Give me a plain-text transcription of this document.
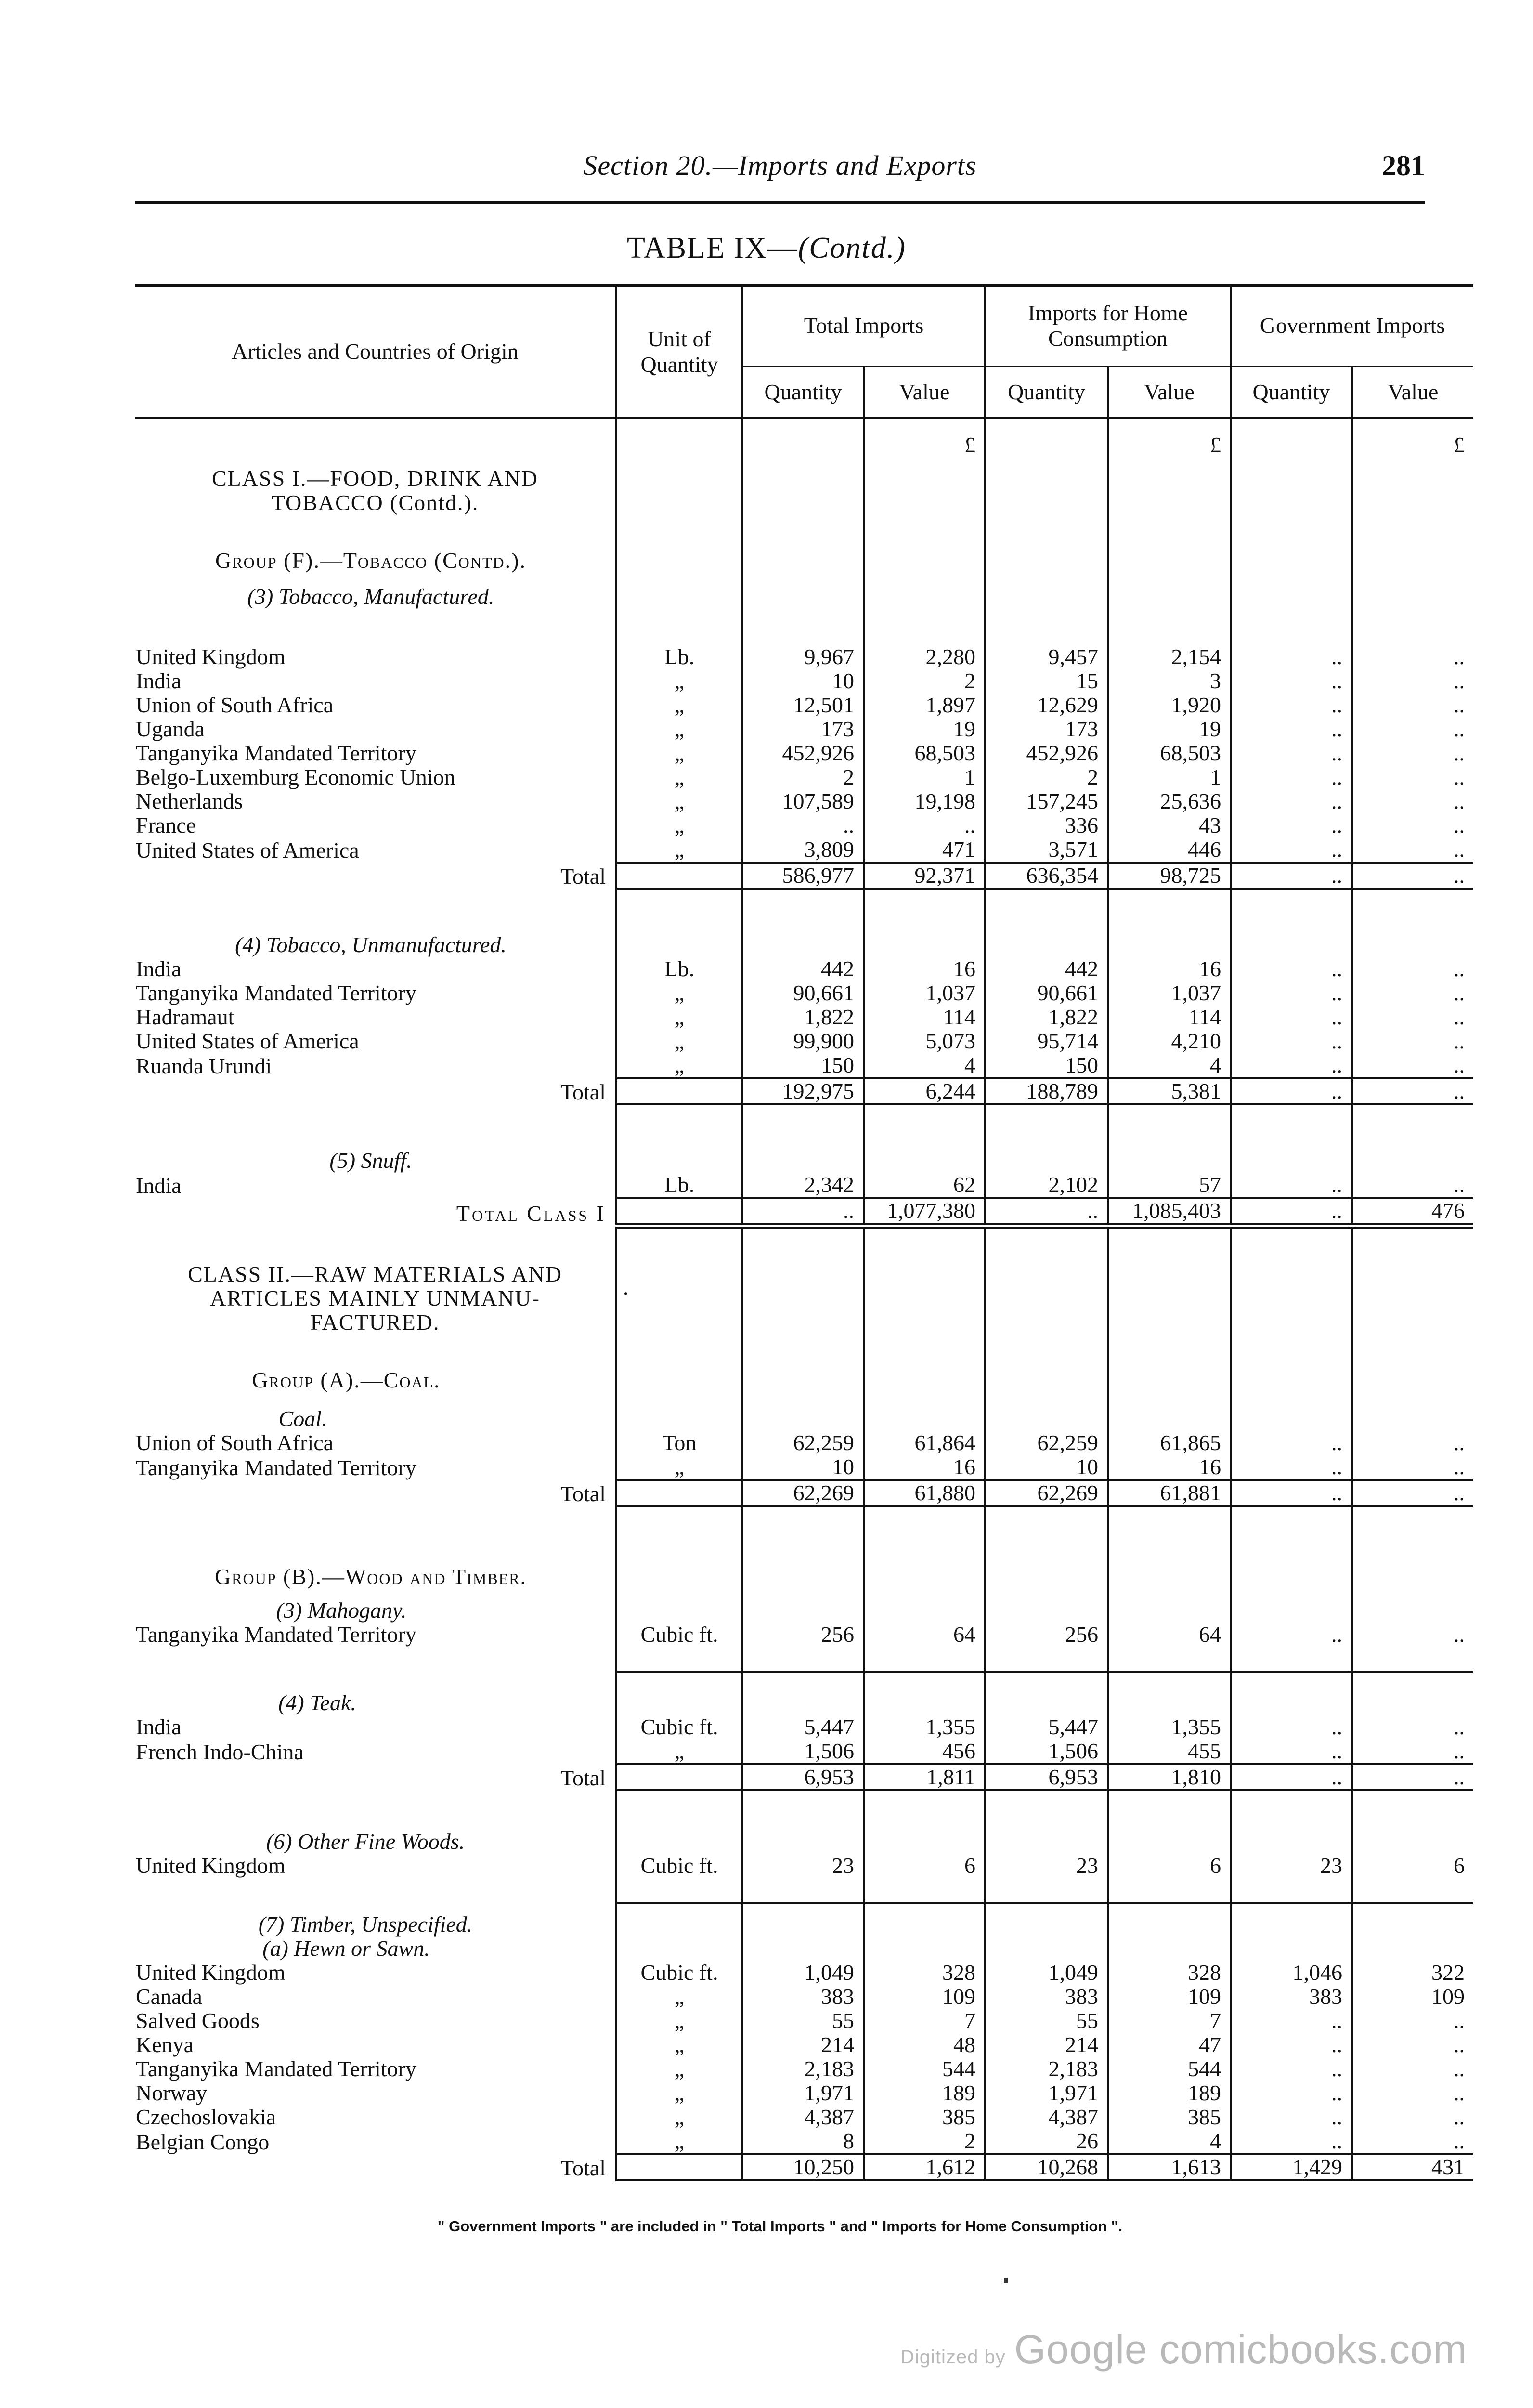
Section 20.—Imports and Exports	281
TABLE IX—(Contd.)
Articles and Countries of Origin	Unit of Quantity	Total Imports		Imports for Home Consumption		Government Imports	
		Quantity	Value	Quantity	Value	Quantity	Value
			£		£		£
CLASS I.—FOOD, DRINK AND TOBACCO (Contd.).							
Group (F).—Tobacco (Contd.).							
(3) Tobacco, Manufactured.							

United Kingdom	Lb.	9,967	2,280	9,457	2,154	..	..
India	„	10	2	15	3	..	..
Union of South Africa	„	12,501	1,897	12,629	1,920	..	..
Uganda	„	173	19	173	19	..	..
Tanganyika Mandated Territory	„	452,926	68,503	452,926	68,503	..	..
Belgo-Luxemburg Economic Union	„	2	1	2	1	..	..
Netherlands	„	107,589	19,198	157,245	25,636	..	..
France	„	..	..	336	43	..	..
United States of America	„	3,809	471	3,571	446	..	..
Total		586,977	92,371	636,354	98,725	..	..

(4) Tobacco, Unmanufactured.							
India	Lb.	442	16	442	16	..	..
Tanganyika Mandated Territory	„	90,661	1,037	90,661	1,037	..	..
Hadramaut	„	1,822	114	1,822	114	..	..
United States of America	„	99,900	5,073	95,714	4,210	..	..
Ruanda Urundi	„	150	4	150	4	..	..
Total		192,975	6,244	188,789	5,381	..	..

(5) Snuff.							
India	Lb.	2,342	62	2,102	57	..	..
Total Class I		..	1,077,380	..	1,085,403	..	476

CLASS II.—RAW MATERIALS AND ARTICLES MAINLY UNMANU-FACTURED.	·						
Group (A).—Coal.							
Coal.							
Union of South Africa	Ton	62,259	61,864	62,259	61,865	..	..
Tanganyika Mandated Territory	„	10	16	10	16	..	..
Total		62,269	61,880	62,269	61,881	..	..

Group (B).—Wood and Timber.							
(3) Mahogany.							
Tanganyika Mandated Territory	Cubic ft.	256	64	256	64	..	..

(4) Teak.							
India	Cubic ft.	5,447	1,355	5,447	1,355	..	..
French Indo-China	„	1,506	456	1,506	455	..	..
Total		6,953	1,811	6,953	1,810	..	..

(6) Other Fine Woods.							
United Kingdom	Cubic ft.	23	6	23	6	23	6

(7) Timber, Unspecified.							
(a) Hewn or Sawn.							
United Kingdom	Cubic ft.	1,049	328	1,049	328	1,046	322
Canada	„	383	109	383	109	383	109
Salved Goods	„	55	7	55	7	..	..
Kenya	„	214	48	214	47	..	..
Tanganyika Mandated Territory	„	2,183	544	2,183	544	..	..
Norway	„	1,971	189	1,971	189	..	..
Czechoslovakia	„	4,387	385	4,387	385	..	..
Belgian Congo	„	8	2	26	4	..	..
Total		10,250	1,612	10,268	1,613	1,429	431
" Government Imports " are included in " Total Imports " and " Imports for Home Consumption ".
Digitized by Google comicbooks.com
